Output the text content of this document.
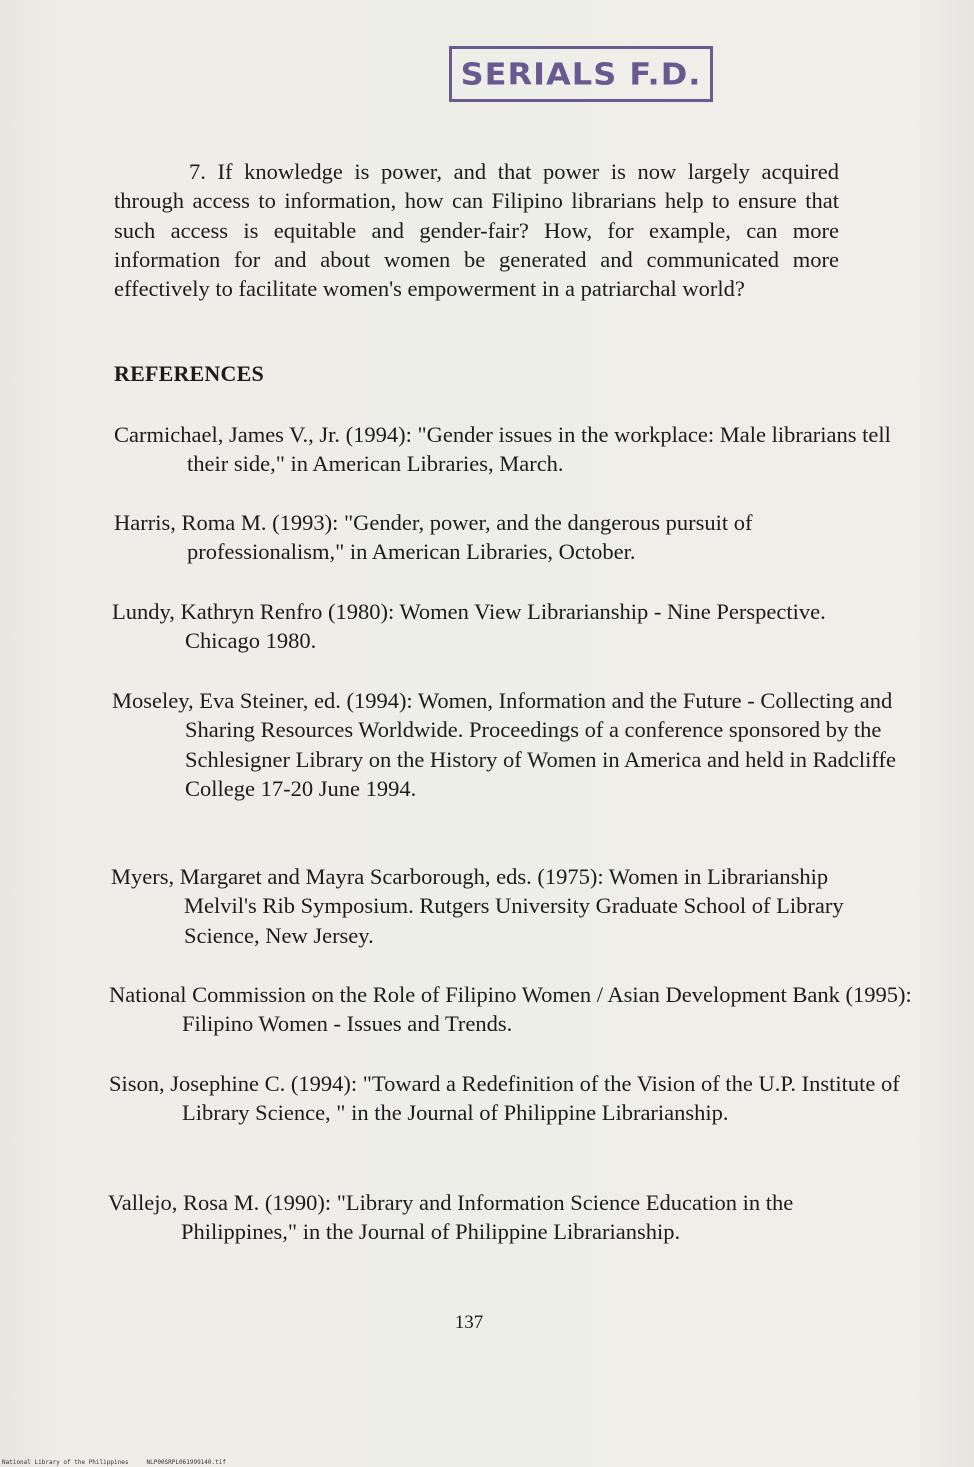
SERIALS F.D.

7. If knowledge is power, and that power is now largely acquired through access to information, how can Filipino librarians help to ensure that such access is equitable and gender-fair? How, for example, can more information for and about women be generated and communicated more effectively to facilitate women's empowerment in a patriarchal world?

REFERENCES

Carmichael, James V., Jr. (1994): "Gender issues in the workplace: Male librarians tell their side," in American Libraries, March.

Harris, Roma M. (1993): "Gender, power, and the dangerous pursuit of professionalism," in American Libraries, October.

Lundy, Kathryn Renfro (1980): Women View Librarianship - Nine Perspective. Chicago 1980.

Moseley, Eva Steiner, ed. (1994): Women, Information and the Future - Collecting and Sharing Resources Worldwide. Proceedings of a conference sponsored by the Schlesigner Library on the History of Women in America and held in Radcliffe College 17-20 June 1994.

Myers, Margaret and Mayra Scarborough, eds. (1975): Women in Librarianship Melvil's Rib Symposium. Rutgers University Graduate School of Library Science, New Jersey.

National Commission on the Role of Filipino Women / Asian Development Bank (1995): Filipino Women - Issues and Trends.

Sison, Josephine C. (1994): "Toward a Redefinition of the Vision of the U.P. Institute of Library Science, " in the Journal of Philippine Librarianship.

Vallejo, Rosa M. (1990): "Library and Information Science Education in the Philippines," in the Journal of Philippine Librarianship.

137

National Library of the Philippines	NLP00SRPL061999140.tif
